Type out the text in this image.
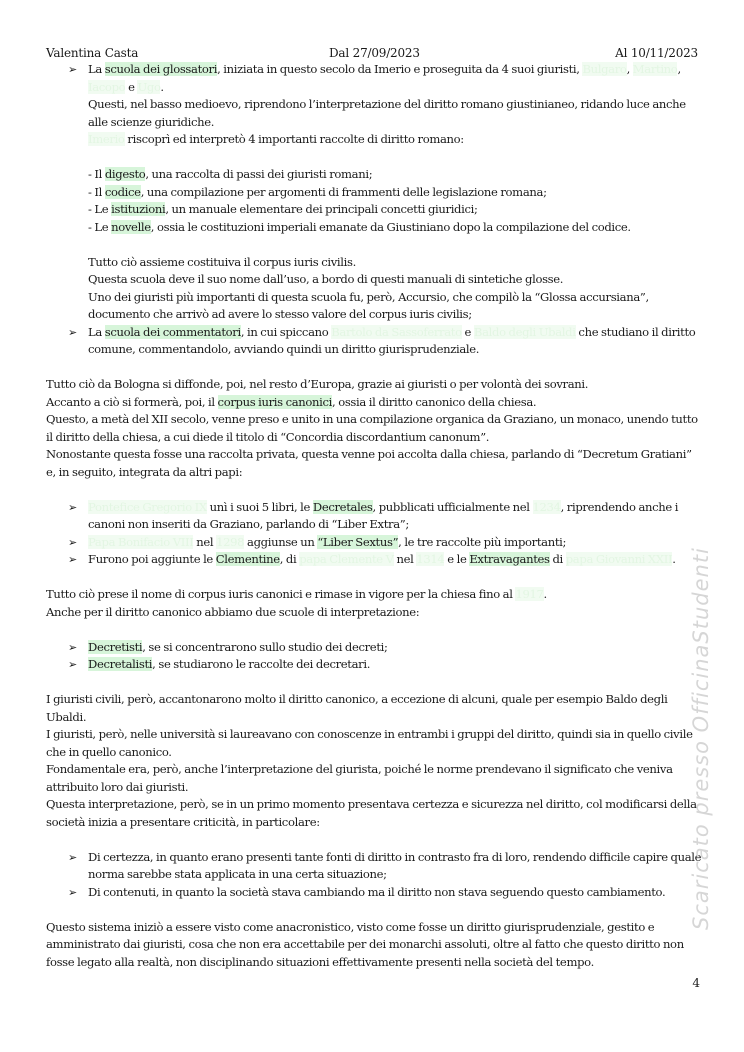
Valentina Casta	Dal 27/09/2023	Al 10/11/2023
➢ La scuola dei glossatori, iniziata in questo secolo da Imerio e proseguita da 4 suoi giuristi, Bulgaro, Martino, Iacopo e Ugo.

Questi, nel basso medioevo, riprendono l’interpretazione del diritto romano giustinianeo, ridando luce anche alle scienze giuridiche.

Imerio riscoprì ed interpretò 4 importanti raccolte di diritto romano:

- Il digesto, una raccolta di passi dei giuristi romani;

- Il codice, una compilazione per argomenti di frammenti delle legislazione romana;

- Le istituzioni, un manuale elementare dei principali concetti giuridici;

- Le novelle, ossia le costituzioni imperiali emanate da Giustiniano dopo la compilazione del codice.

Tutto ciò assieme costituiva il corpus iuris civilis.

Questa scuola deve il suo nome dall’uso, a bordo di questi manuali di sintetiche glosse.

Uno dei giuristi più importanti di questa scuola fu, però, Accursio, che compilò la “Glossa accursiana”, documento che arrivò ad avere lo stesso valore del corpus iuris civilis;

➢ La scuola dei commentatori, in cui spiccano Bartolo da Sassoferrato e Baldo degli Ubaldi che studiano il diritto comune, commentandolo, avviando quindi un diritto giurisprudenziale.

Tutto ciò da Bologna si diffonde, poi, nel resto d’Europa, grazie ai giuristi o per volontà dei sovrani.

Accanto a ciò si formerà, poi, il corpus iuris canonici, ossia il diritto canonico della chiesa.

Questo, a metà del XII secolo, venne preso e unito in una compilazione organica da Graziano, un monaco, unendo tutto il diritto della chiesa, a cui diede il titolo di “Concordia discordantium canonum”.

Nonostante questa fosse una raccolta privata, questa venne poi accolta dalla chiesa, parlando di “Decretum Gratiani” e, in seguito, integrata da altri papi:

➢ Pontefice Gregorio IX unì i suoi 5 libri, le Decretales, pubblicati ufficialmente nel 1234, riprendendo anche i canoni non inseriti da Graziano, parlando di “Liber Extra”;
➢ Papa Bonifacio VIII nel 1298 aggiunse un “Liber Sextus”, le tre raccolte più importanti;
➢ Furono poi aggiunte le Clementine, di papa Clemente V nel 1314 e le Extravagantes di papa Giovanni XXII.

Tutto ciò prese il nome di corpus iuris canonici e rimase in vigore per la chiesa fino al 1917.

Anche per il diritto canonico abbiamo due scuole di interpretazione:

➢ Decretisti, se si concentrarono sullo studio dei decreti;
➢ Decretalisti, se studiarono le raccolte dei decretari.

I giuristi civili, però, accantonarono molto il diritto canonico, a eccezione di alcuni, quale per esempio Baldo degli Ubaldi.

I giuristi, però, nelle università si laureavano con conoscenze in entrambi i gruppi del diritto, quindi sia in quello civile che in quello canonico.

Fondamentale era, però, anche l’interpretazione del giurista, poiché le norme prendevano il significato che veniva attribuito loro dai giuristi.

Questa interpretazione, però, se in un primo momento presentava certezza e sicurezza nel diritto, col modificarsi della società inizia a presentare criticità, in particolare:

➢ Di certezza, in quanto erano presenti tante fonti di diritto in contrasto fra di loro, rendendo difficile capire quale norma sarebbe stata applicata in una certa situazione;
➢ Di contenuti, in quanto la società stava cambiando ma il diritto non stava seguendo questo cambiamento.

Questo sistema iniziò a essere visto come anacronistico, visto come fosse un diritto giurisprudenziale, gestito e amministrato dai giuristi, cosa che non era accettabile per dei monarchi assoluti, oltre al fatto che questo diritto non fosse legato alla realtà, non disciplinando situazioni effettivamente presenti nella società del tempo.

Scaricato presso OfficinaStudenti
4
